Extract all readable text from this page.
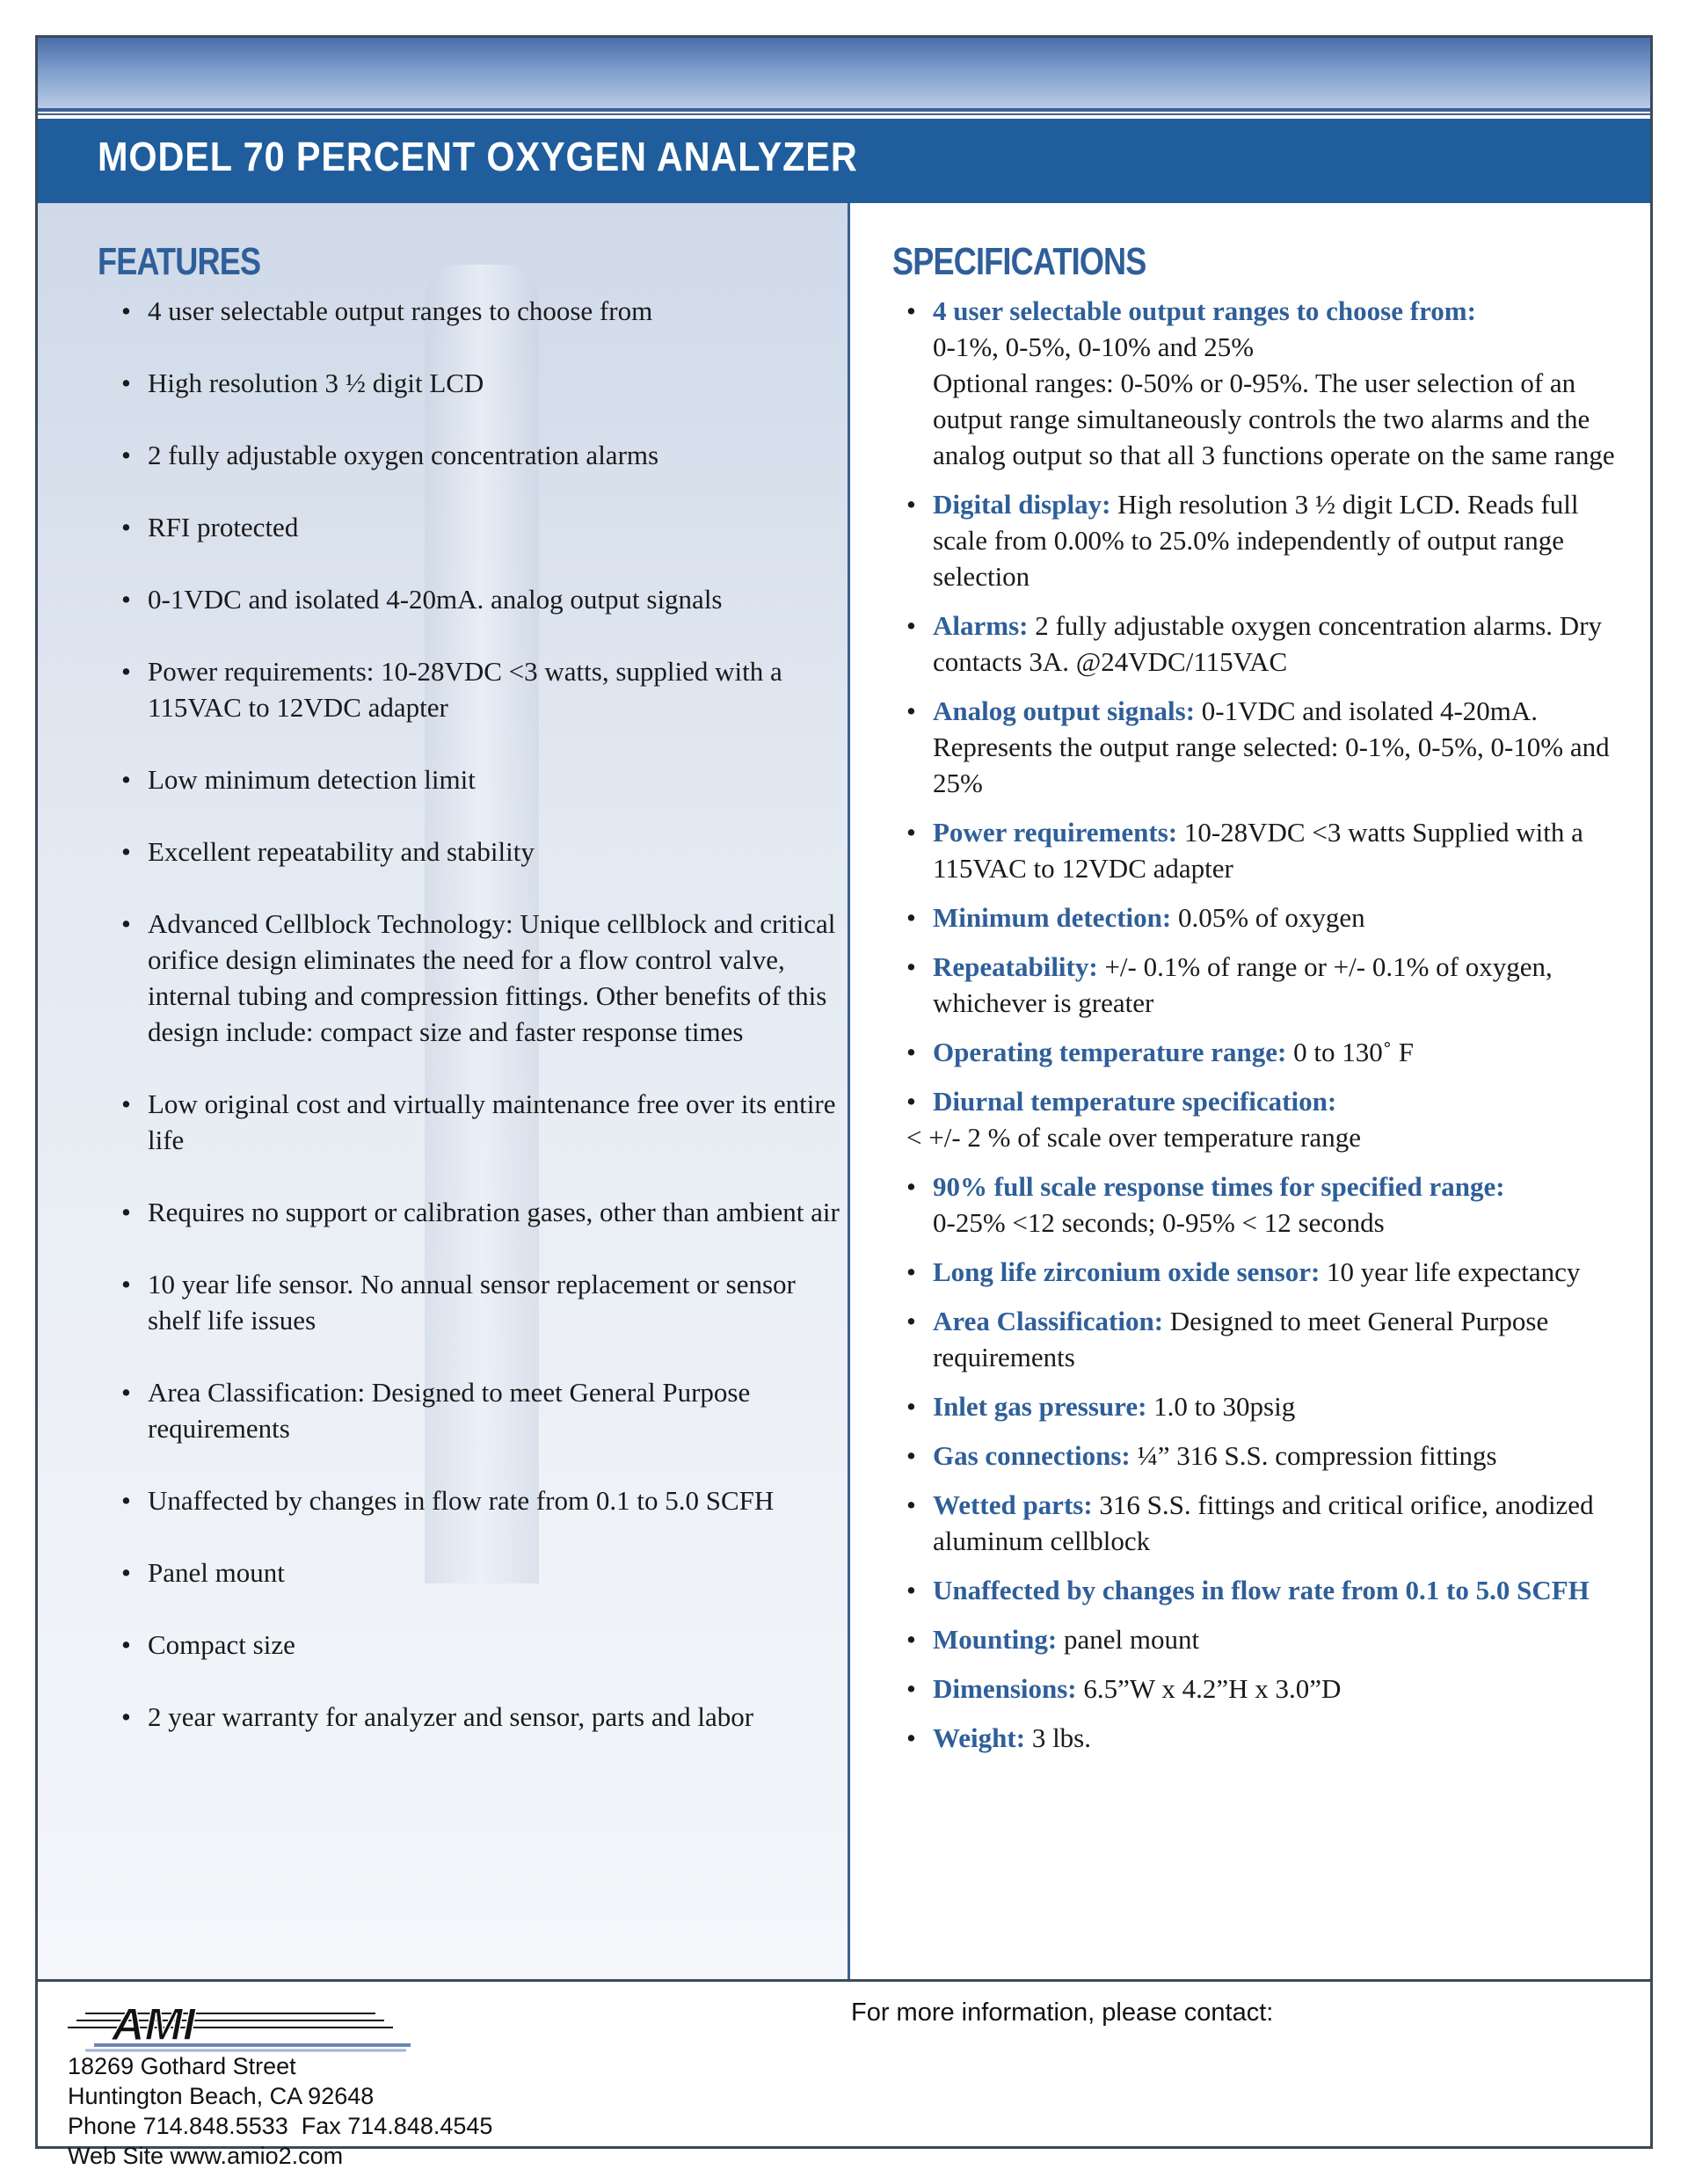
MODEL 70 PERCENT OXYGEN ANALYZER
FEATURES
• 4 user selectable output ranges to choose from
• High resolution 3 ½ digit LCD
• 2 fully adjustable oxygen concentration alarms
• RFI protected
• 0-1VDC and isolated 4-20mA. analog output signals
• Power requirements: 10-28VDC <3 watts, supplied with a 115VAC to 12VDC adapter
• Low minimum detection limit
• Excellent repeatability and stability
• Advanced Cellblock Technology: Unique cellblock and critical orifice design eliminates the need for a flow control valve, internal tubing and compression fittings. Other benefits of this design include: compact size and faster response times
• Low original cost and virtually maintenance free over its entire life
• Requires no support or calibration gases, other than ambient air
• 10 year life sensor. No annual sensor replacement or sensor shelf life issues
• Area Classification: Designed to meet General Purpose requirements
• Unaffected by changes in flow rate from 0.1 to 5.0 SCFH
• Panel mount
• Compact size
• 2 year warranty for analyzer and sensor, parts and labor
SPECIFICATIONS
• 4 user selectable output ranges to choose from:
0-1%, 0-5%, 0-10% and 25%
Optional ranges: 0-50% or 0-95%. The user selection of an output range simultaneously controls the two alarms and the analog output so that all 3 functions operate on the same range
• Digital display: High resolution 3 ½ digit LCD. Reads full scale from 0.00% to 25.0% independently of output range selection
• Alarms: 2 fully adjustable oxygen concentration alarms. Dry contacts 3A. @24VDC/115VAC
• Analog output signals: 0-1VDC and isolated 4-20mA. Represents the output range selected: 0-1%, 0-5%, 0-10% and 25%
• Power requirements: 10-28VDC <3 watts Supplied with a 115VAC to 12VDC adapter
• Minimum detection: 0.05% of oxygen
• Repeatability: +/- 0.1% of range or +/- 0.1% of oxygen, whichever is greater
• Operating temperature range: 0 to 130˚ F
• Diurnal temperature specification:
< +/- 2 % of scale over temperature range
• 90% full scale response times for specified range:
0-25% <12 seconds; 0-95% < 12 seconds
• Long life zirconium oxide sensor: 10 year life expectancy
• Area Classification: Designed to meet General Purpose requirements
• Inlet gas pressure: 1.0 to 30psig
• Gas connections: ¼” 316 S.S. compression fittings
• Wetted parts: 316 S.S. fittings and critical orifice, anodized aluminum cellblock
• Unaffected by changes in flow rate from 0.1 to 5.0 SCFH
• Mounting: panel mount
• Dimensions: 6.5”W x 4.2”H x 3.0”D
• Weight: 3 lbs.
AMI
18269 Gothard Street
Huntington Beach, CA 92648
Phone 714.848.5533  Fax 714.848.4545
Web Site www.amio2.com

For more information, please contact:
